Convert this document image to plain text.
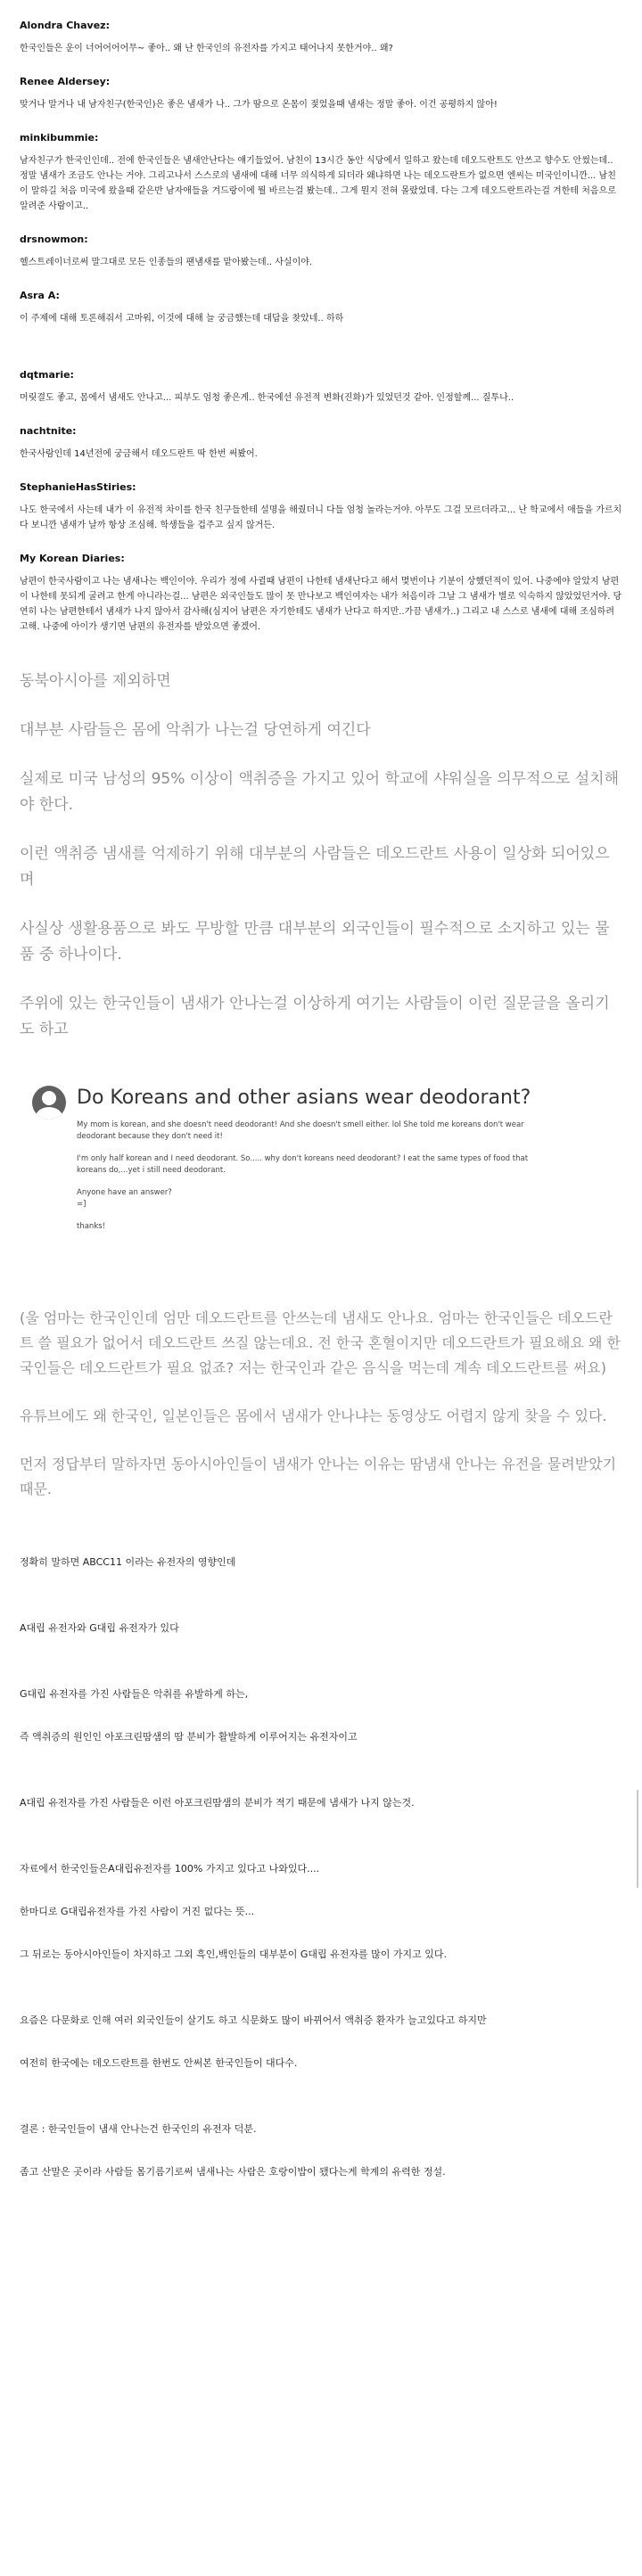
Alondra Chavez:
한국인들은 운이 너어어어어무~ 좋아.. 왜 난 한국인의 유전자를 가지고 태어나지 못한거야.. 왜?
Renee Aldersey:
맞거나 말거나 내 남자친구(한국인)은 좋은 냄새가 나.. 그가 땀으로 온몸이 젖었을때 냄새는 정말 좋아. 이건 공평하지 않아!
minkibummie:
남자친구가 한국인인데.. 전에 한국인들은 냄새안난다는 얘기들었어. 남친이 13시간 동안 식당에서 일하고 왔는데 데오드란트도 안쓰고 향수도 안썼는데.. 정말 냄새가 조금도 안나는 거야. 그리고나서 스스로의 냄새에 대해 너무 의식하게 되더라 왜냐하면 나는 데오드란트가 없으면 엔씨는 미국인이니깐... 남친이 말하길 처음 미국에 왔을때 같은반 남자애들을 겨드랑이에 뭘 바르는걸 봤는데.. 그게 뭔지 전혀 몰랐었데. 다는 그게 데오드란트라는걸 겨한테 처음으로 알려준 사람이고..
drsnowmon:
헬스트레이너로써 말그대로 모든 인종들의 팬냄새를 맡아봤는데.. 사실이야.
Asra A:
이 주제에 대해 토론해줘서 고마워, 이것에 대해 늘 궁금했는데 대답을 찾았네.. 하하
dqtmarie:
머릿결도 좋고, 몸에서 냄새도 안나고... 피부도 엄청 좋은게.. 한국에선 유전적 변화(진화)가 있었던것 같아. 인정할께... 질투나..
nachtnite:
한국사람인데 14년전에 궁금해서 데오드란트 딱 한번 써봤어.
StephanieHasStiries:
나도 한국에서 사는데 내가 이 유전적 차이를 한국 친구들한테 설명을 해줬더니 다들 엄청 놀라는거야. 아무도 그걸 모르더라고... 난 학교에서 애들을 가르치다 보니깐 냄새가 날까 항상 조심해. 학생들을 겁주고 싶지 않거든.
My Korean Diaries:
남편이 한국사람이고 나는 냄새나는 백인이야. 우리가 정에 사귈때 남편이 나한테 냄새난다고 해서 몇번이나 기분이 상했던적이 있어. 나중에야 알았지 남편이 나한테 못되게 굴려고 한게 아니라는걸... 남편은 외국인들도 많이 못 만나보고 백인여자는 내가 처음이라 그날 그 냄새가 별로 익숙하지 않았었던거야. 당연히 나는 남편한테서 냄새가 나지 않아서 감사해(심지어 남편은 자기한테도 냄새가 난다고 하지만..가끔 냄새가..) 그리고 내 스스로 냄새에 대해 조심하려고해. 나중에 아이가 생기면 남편의 유전자를 받았으면 좋겠어.

동북아시아를 제외하면

대부분 사람들은 몸에 악취가 나는걸 당연하게 여긴다

실제로 미국 남성의 95% 이상이 액취증을 가지고 있어 학교에 샤워실을 의무적으로 설치해야 한다.

이런 액취증 냄새를 억제하기 위해 대부분의 사람들은 데오드란트 사용이 일상화 되어있으며

사실상 생활용품으로 봐도 무방할 만큼 대부분의 외국인들이 필수적으로 소지하고 있는 물품 중 하나이다.

주위에 있는 한국인들이 냄새가 안나는걸 이상하게 여기는 사람들이 이런 질문글을 올리기도 하고

Do Koreans and other asians wear deodorant?

My mom is korean, and she doesn't need deodorant! And she doesn't smell either. lol She told me koreans don't wear

deodorant because they don't need it!

I'm only half korean and I need deodorant. So..... why don't koreans need deodorant? I eat the same types of food that

koreans do,...yet i still need deodorant.

Anyone have an answer?

=]

thanks!

(울 엄마는 한국인인데 엄만 데오드란트를 안쓰는데 냄새도 안나요. 엄마는 한국인들은 데오드란트 쓸 필요가 없어서 데오드란트 쓰질 않는데요. 전 한국 혼혈이지만 데오드란트가 필요해요 왜 한국인들은 데오드란트가 필요 없죠? 저는 한국인과 같은 음식을 먹는데 계속 데오드란트를 써요)

유튜브에도 왜 한국인, 일본인들은 몸에서 냄새가 안나냐는 동영상도 어렵지 않게 찾을 수 있다.

먼저 정답부터 말하자면 동아시아인들이 냄새가 안나는 이유는 땀냄새 안나는 유전을 물려받았기 때문.

정확히 말하면 ABCC11 이라는 유전자의 영향인데

A대립 유전자와 G대립 유전자가 있다

G대립 유전자를 가진 사람들은 악취를 유발하게 하는,

즉 액취증의 원인인 아포크린땀샘의 땀 분비가 활발하게 이루어지는 유전자이고

A대립 유전자를 가진 사람들은 이런 아포크린땀샘의 분비가 적기 때문에 냄새가 나지 않는것.

자료에서 한국인들은A대립유전자를 100% 가지고 있다고 나와있다....

한마디로 G대립유전자를 가진 사람이 거진 없다는 뜻...

그 뒤로는 동아시아인들이 차지하고 그외 흑인,백인들의 대부분이 G대립 유전자를 많이 가지고 있다.

요즘은 다문화로 인해 여러 외국인들이 살기도 하고 식문화도 많이 바뀌어서 액취증 환자가 늘고있다고 하지만

여전히 한국에는 데오드란트를 한번도 안써본 한국인들이 대다수.

결론 : 한국인들이 냄새 안나는건 한국인의 유전자 덕분.

좀고 산말은 곳이라 사람들 몸기름기로써 냄새나는 사람은 호랑이밥이 됐다는게 학계의 유력한 정설.
